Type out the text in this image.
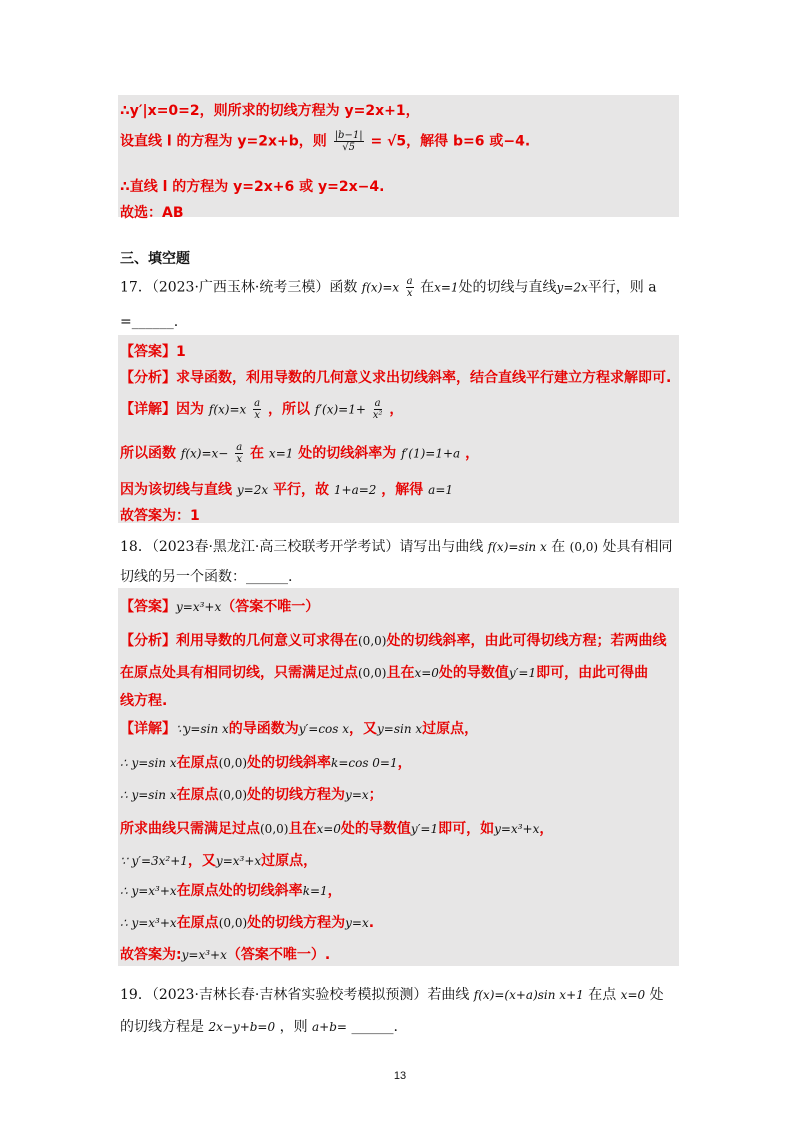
∴y′|x=0=2，则所求的切线方程为 y=2x+1，
设直线 l 的方程为 y=2x+b，则 $\frac{|b-1|}{√5} = √5$，解得 b=6 或−4.
∴直线 l 的方程为 y=2x+6 或 y=2x−4.
故选：AB
三、填空题
17．（2023·广西玉林·统考三模）函数 $f(x)=x \frac{a}{x}$ 在x=1处的切线与直线y=2x平行，则 a
=______.
【答案】1
【分析】求导函数，利用导数的几何意义求出切线斜率，结合直线平行建立方程求解即可.
【详解】因为 $f(x)=x \frac{a}{x}$ ，所以 $f'(x)=1+ \frac{a}{\text{x²}}$ ，
所以函数 $f(x)=x- \frac{a}{x}$ 在 x=1 处的切线斜率为 f′(1)=1+a ，
因为该切线与直线 y=2x 平行，故 1+a=2 ，解得 a=1
故答案为：1
18．（2023春·黑龙江·高三校联考开学考试）请写出与曲线 f(x)=sin x 在 (0,0) 处具有相同
切线的另一个函数：______.
【答案】y=x³+x（答案不唯一）
【分析】利用导数的几何意义可求得在(0,0)处的切线斜率，由此可得切线方程；若两曲线
在原点处具有相同切线，只需满足过点(0,0)且在x=0处的导数值y′=1即可，由此可得曲
线方程.
【详解】∵y=sin x的导函数为y′=cos x，又y=sin x过原点，
∴ y=sin x在原点(0,0)处的切线斜率k=cos 0=1，
∴ y=sin x在原点(0,0)处的切线方程为y=x；
所求曲线只需满足过点(0,0)且在x=0处的导数值y′=1即可，如y=x³+x，
∵ y′=3x²+1，又y=x³+x过原点，
∴ y=x³+x在原点处的切线斜率k=1，
∴ y=x³+x在原点(0,0)处的切线方程为y=x.
故答案为:y=x³+x（答案不唯一）.
19．（2023·吉林长春·吉林省实验校考模拟预测）若曲线 f(x)=(x+a)sin x+1 在点 x=0 处
的切线方程是 2x−y+b=0 ，则 a+b= ______.
13
